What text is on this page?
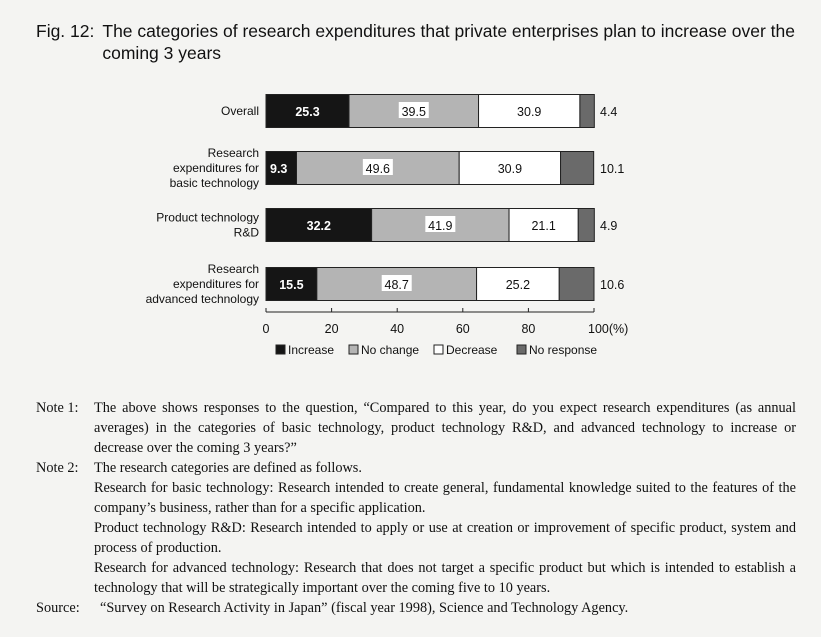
Fig. 12: The categories of research expenditures that private enterprises plan to increase over the coming 3 years
Overall	25.3	39.5	30.9	4.4
Research
expenditures for
basic technology
9.3	49.6	30.9	10.1
Product technology
R&D	32.2	41.9	21.1	4.9
Research
expenditures for
advanced technology
15.5	48.7	25.2	10.6
0	20	40	60	80	100(%)
Increase No change Decrease	No response
Note 1:	The above shows responses to the question, “Compared to this year, do you expect research expenditures (as annual averages) in the categories of basic technology, product technology R&D, and advanced technology to increase or decrease over the coming 3 years?”
Note 2:	The research categories are defined as follows.
Research for basic technology: Research intended to create general, fundamental knowledge suited to the features of the company’s business, rather than for a specific application.
Product technology R&D: Research intended to apply or use at creation or improvement of specific product, system and process of production.
Research for advanced technology: Research that does not target a specific product but which is intended to establish a technology that will be strategically important over the coming five to 10 years.
Source:	“Survey on Research Activity in Japan” (fiscal year 1998), Science and Technology Agency.
